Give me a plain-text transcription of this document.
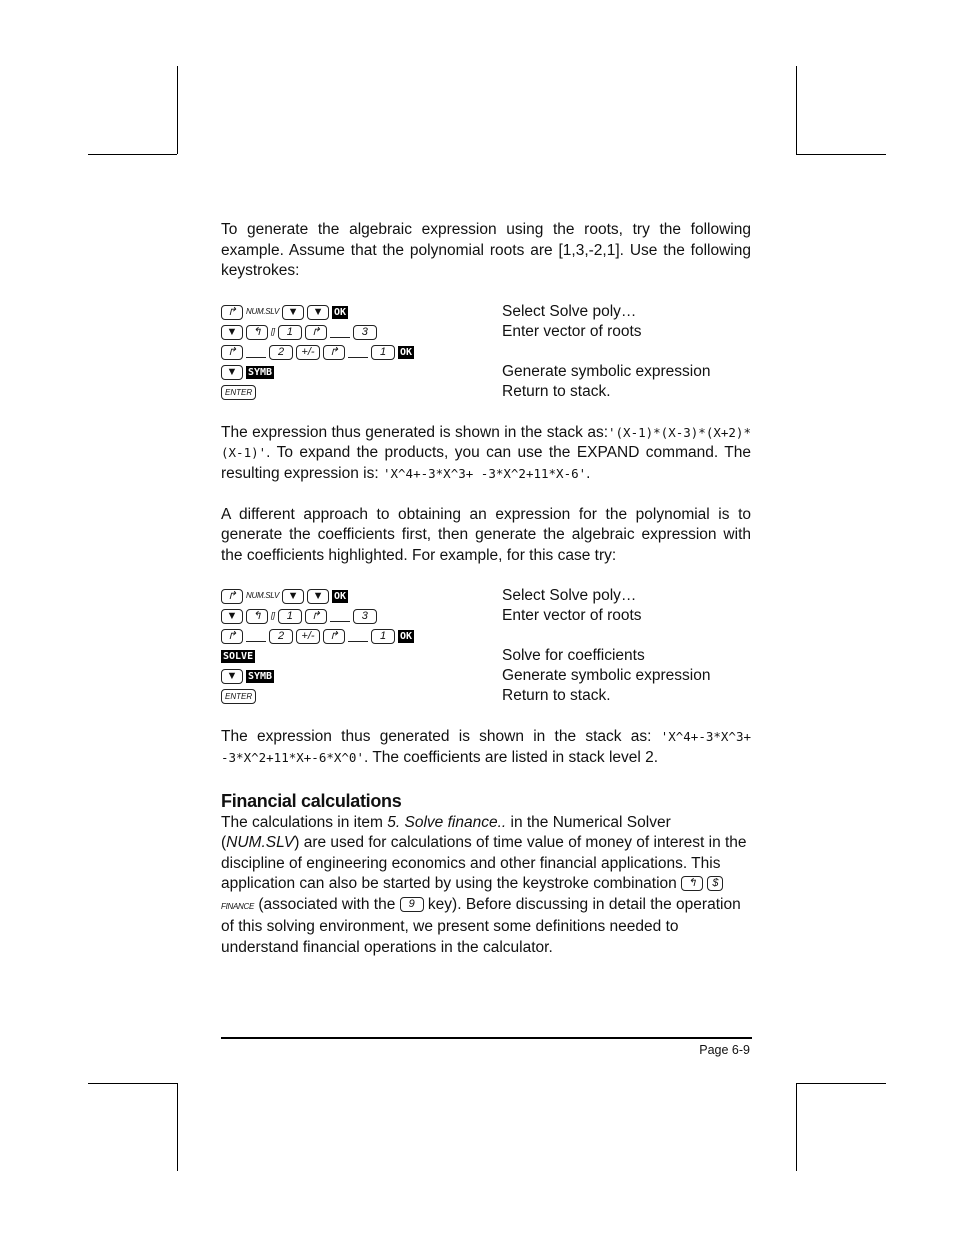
To generate the algebraic expression using the roots, try the following example. Assume that the polynomial roots are [1,3,-2,1]. Use the following keystrokes:

↱	NUM.SLV ▼	▼	OK	Select Solve poly…
▼	↰	[]	1	↱	3	Enter vector of roots
↱	2	+/-	↱	1	OK
▼	SYMB	Generate symbolic expression
ENTER	Return to stack.

The expression thus generated is shown in the stack as:'(X-1)*(X-3)*(X+2)*(X-1)'. To expand the products, you can use the EXPAND command. The resulting expression is: 'X^4+-3*X^3+ -3*X^2+11*X-6'.

A different approach to obtaining an expression for the polynomial is to generate the coefficients first, then generate the algebraic expression with the coefficients highlighted. For example, for this case try:

↱	NUM.SLV ▼	▼	OK	Select Solve poly…
▼	↰	[]	1	↱	3	Enter vector of roots
↱	2	+/-	↱	1	OK
SOLVE	Solve for coefficients
▼	SYMB	Generate symbolic expression
ENTER	Return to stack.

The expression thus generated is shown in the stack as: 'X^4+-3*X^3+ -3*X^2+11*X+-6*X^0'. The coefficients are listed in stack level 2.

Financial calculations

The calculations in item 5. Solve finance.. in the Numerical Solver (NUM.SLV) are used for calculations of time value of money of interest in the discipline of engineering economics and other financial applications. This application can also be started by using the keystroke combination ↰ $FINANCE (associated with the 9 key). Before discussing in detail the operation of this solving environment, we present some definitions needed to understand financial operations in the calculator.

Page 6-9
